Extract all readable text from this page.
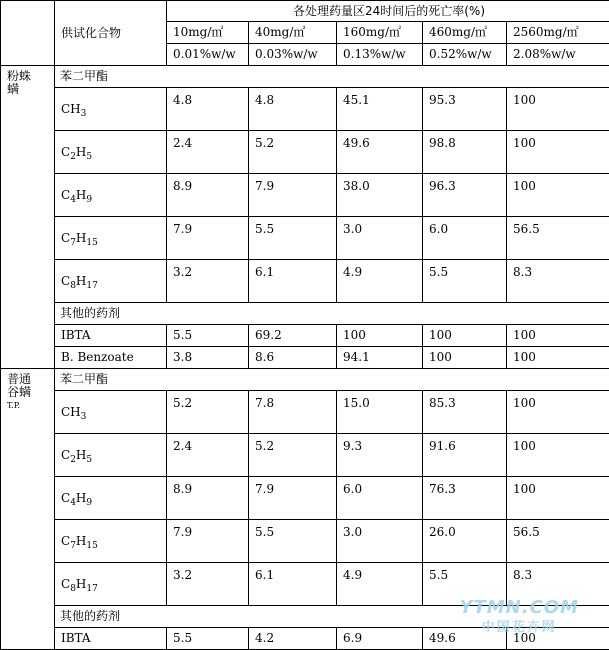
	供试化合物	各处理药量区24时间后的死亡率(%)				
		10mg/㎡	40mg/㎡	160mg/㎡	460mg/㎡	2560mg/㎡
		0.01%w/w	0.03%w/w	0.13%w/w	0.52%w/w	2.08%w/w

粉蛛螨	苯二甲酯					
	$CH_3$	4.8	4.8	45.1	95.3	100
	$C_2H_5$	2.4	5.2	49.6	98.8	100
	$C_4H_9$	8.9	7.9	38.0	96.3	100
	$C_7H_{15}$	7.9	5.5	3.0	6.0	56.5
	$C_8H_{17}$	3.2	6.1	4.9	5.5	8.3
	其他的药剂					
	IBTA	5.5	69.2	100	100	100
	B. Benzoate	3.8	8.6	94.1	100	100

普通谷螨
T.P.	苯二甲酯					
	$CH_3$	5.2	7.8	15.0	85.3	100
	$C_2H_5$	2.4	5.2	9.3	91.6	100
	$C_4H_9$	8.9	7.9	6.0	76.3	100
	$C_7H_{15}$	7.9	5.5	3.0	26.0	56.5
	$C_8H_{17}$	3.2	6.1	4.9	5.5	8.3
	其他的药剂					
	IBTA	5.5	4.2	6.9	49.6	100
YTMN.COM
中国花卉网
